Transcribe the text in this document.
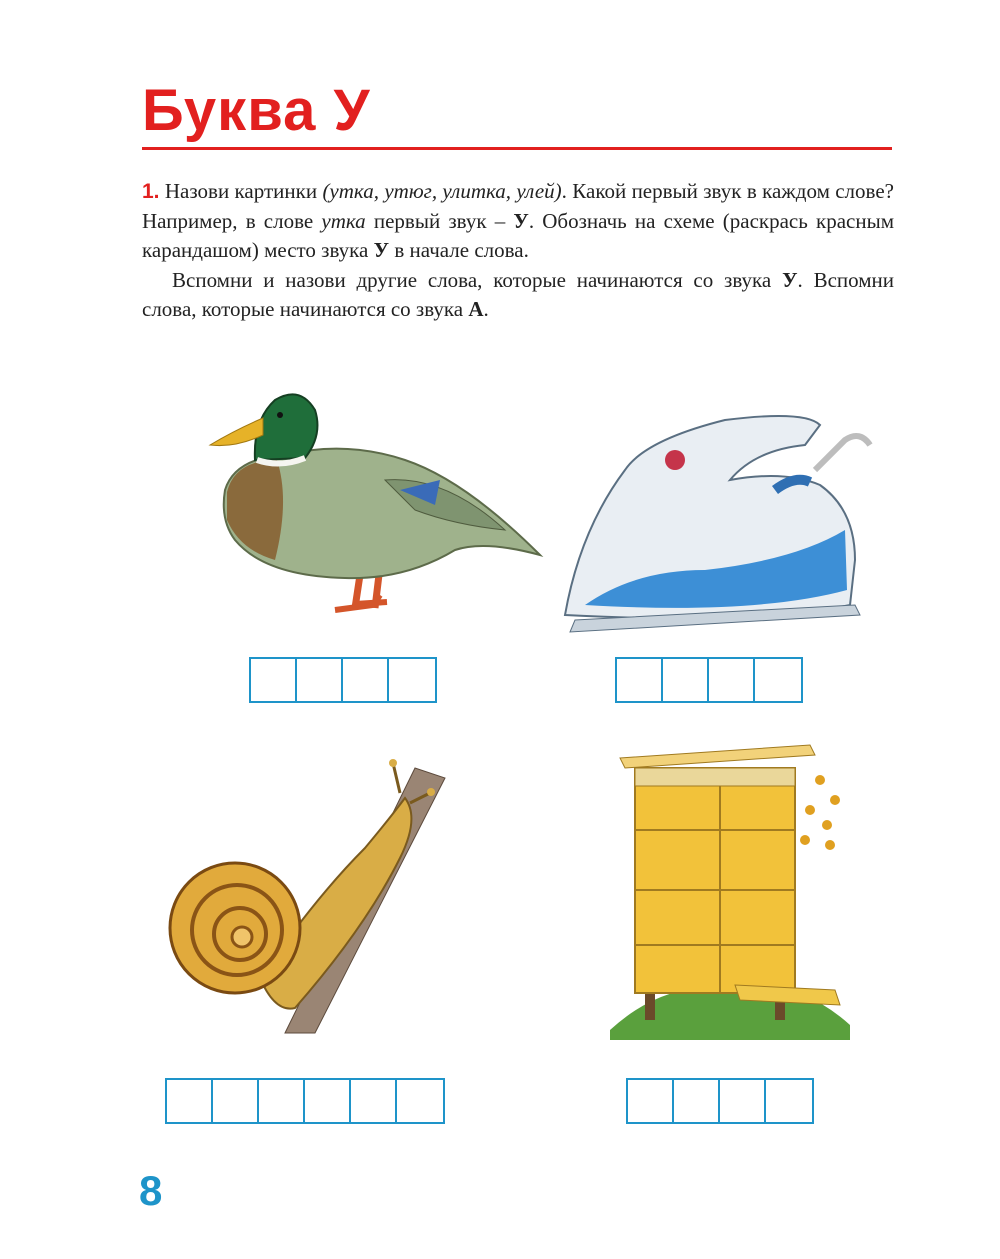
Буква У

1. Назови картинки (утка, утюг, улитка, улей). Какой первый звук в каждом слове? Например, в слове утка первый звук – У. Обозначь на схеме (раскрась красным карандашом) место звука У в начале слова.

Вспомни и назови другие слова, которые начинаются со звука У. Вспомни слова, которые начинаются со звука А.

8
